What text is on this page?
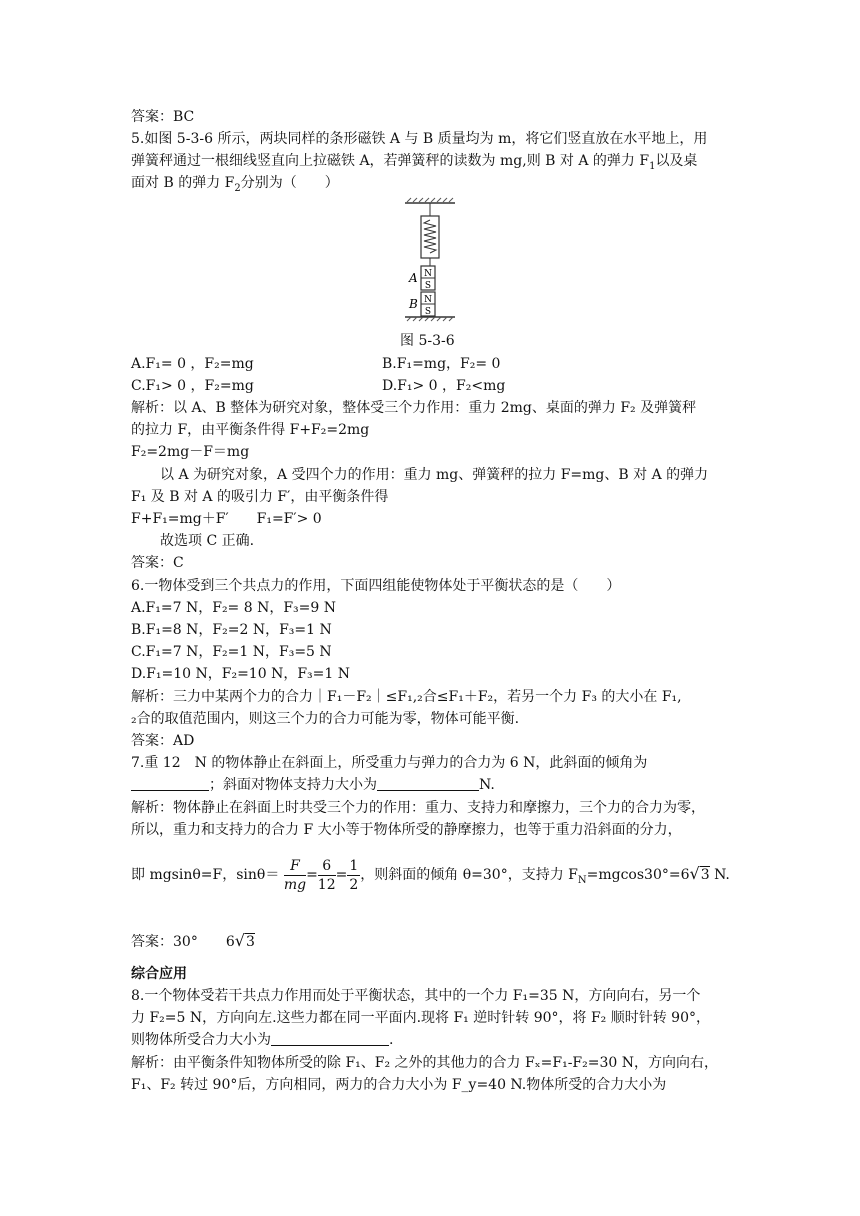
答案：BC
5.如图 5-3-6 所示，两块同样的条形磁铁 A 与 B 质量均为 m，将它们竖直放在水平地上，用
弹簧秤通过一根细线竖直向上拉磁铁 A，若弹簧秤的读数为 mg,则 B 对 A 的弹力 $F_1$以及桌
面对 B 的弹力 $F_2$分别为（　　）
N
S
N
S
A
B
图 5-3-6
A.F₁= 0 ，F₂=mg	B.F₁=mg，F₂= 0
C.F₁> 0 ，F₂=mg	D.F₁> 0 ，F₂<mg
解析：以 A、B 整体为研究对象，整体受三个力作用：重力 2mg、桌面的弹力 F₂ 及弹簧秤
的拉力 F，由平衡条件得 F+F₂=2mg
F₂=2mg－F＝mg
以 A 为研究对象，A 受四个力的作用：重力 mg、弹簧秤的拉力 F=mg、B 对 A 的弹力
F₁ 及 B 对 A 的吸引力 F′，由平衡条件得
F+F₁=mg＋F′　　F₁=F′> 0
故选项 C 正确.
答案：C
6.一物体受到三个共点力的作用，下面四组能使物体处于平衡状态的是（　　）
A.F₁=7 N，F₂= 8 N，F₃=9 N
B.F₁=8 N，F₂=2 N，F₃=1 N
C.F₁=7 N，F₂=1 N，F₃=5 N
D.F₁=10 N，F₂=10 N，F₃=1 N
解析：三力中某两个力的合力｜F₁－F₂｜≤F₁,₂合≤F₁＋F₂，若另一个力 F₃ 的大小在 F₁,
₂合的取值范围内，则这三个力的合力可能为零，物体可能平衡.
答案：AD
7.重 12　N 的物体静止在斜面上，所受重力与弹力的合力为 6 N，此斜面的倾角为
；斜面对物体支持力大小为	N.
解析：物体静止在斜面上时共受三个力的作用：重力、支持力和摩擦力，三个力的合力为零，
所以，重力和支持力的合力 F 大小等于物体所受的静摩擦力，也等于重力沿斜面的分力，
即 mgsinθ=F，$\sin\theta= \frac{F}{mg} = \frac{6}{12} = \frac{1}{2}$ ，则斜面的倾角 θ=30°，支持力 $F_N=mgcos30^\circ=6√3$ N.
答案：30°　　6√3
综合应用
8.一个物体受若干共点力作用而处于平衡状态，其中的一个力 F₁=35 N，方向向右，另一个
力 F₂=5 N，方向向左.这些力都在同一平面内.现将 F₁ 逆时针转 90°，将 F₂ 顺时针转 90°，
则物体所受合力大小为	.
解析：由平衡条件知物体所受的除 F₁、F₂ 之外的其他力的合力 Fₓ=F₁-F₂=30 N，方向向右，
F₁、F₂ 转过 90°后，方向相同，两力的合力大小为 F_y=40 N.物体所受的合力大小为
